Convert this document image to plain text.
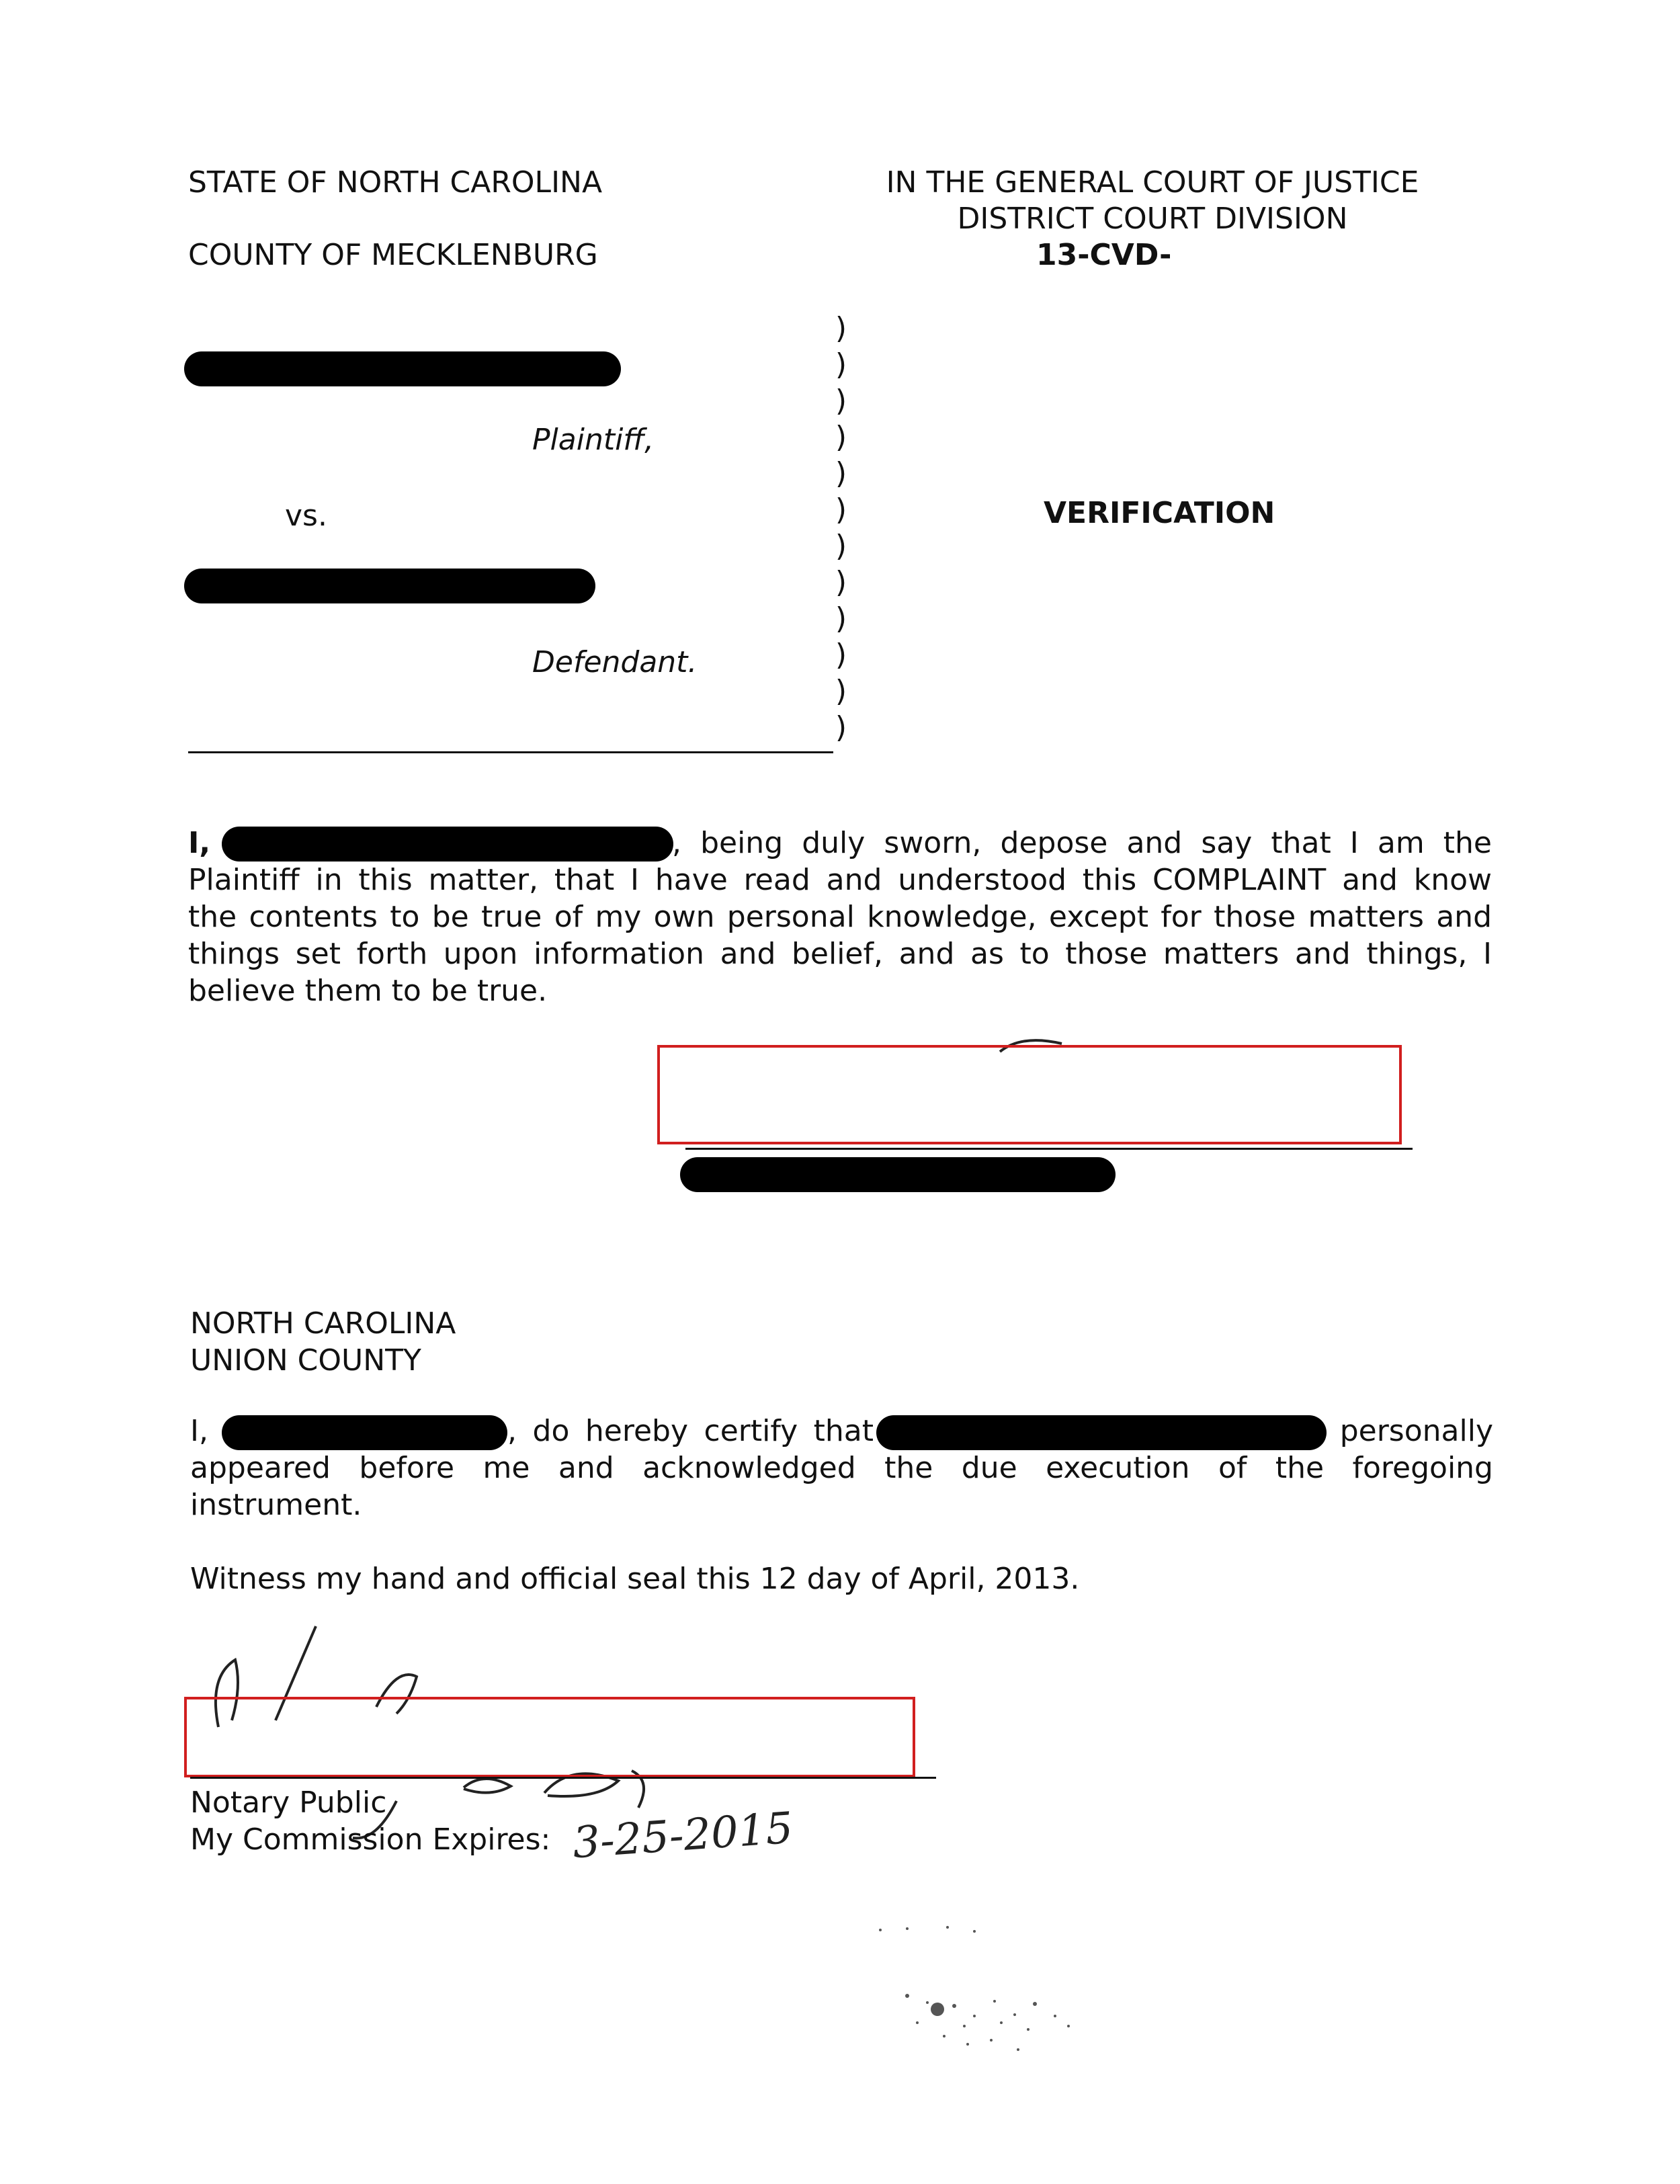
STATE OF NORTH CAROLINA
COUNTY OF MECKLENBURG
IN THE GENERAL COURT OF JUSTICE
DISTRICT COURT DIVISION
13-CVD-
Plaintiff,
vs.
Defendant.
)
)
)
)
)
)
)
)
)
)
)
)
VERIFICATION
I,	, being duly sworn, depose and say that I am the
Plaintiff in this matter, that I have read and understood this COMPLAINT and know
the contents to be true of my own personal knowledge, except for those matters and
things set forth upon information and belief, and as to those matters and things, I
believe them to be true.
NORTH CAROLINA
UNION COUNTY
I,	, do hereby certify that	personally
appeared before me and acknowledged the due execution of the foregoing
instrument.
Witness my hand and official seal this 12 day of April, 2013.
Notary Public
My Commission Expires: 3-25-2015
